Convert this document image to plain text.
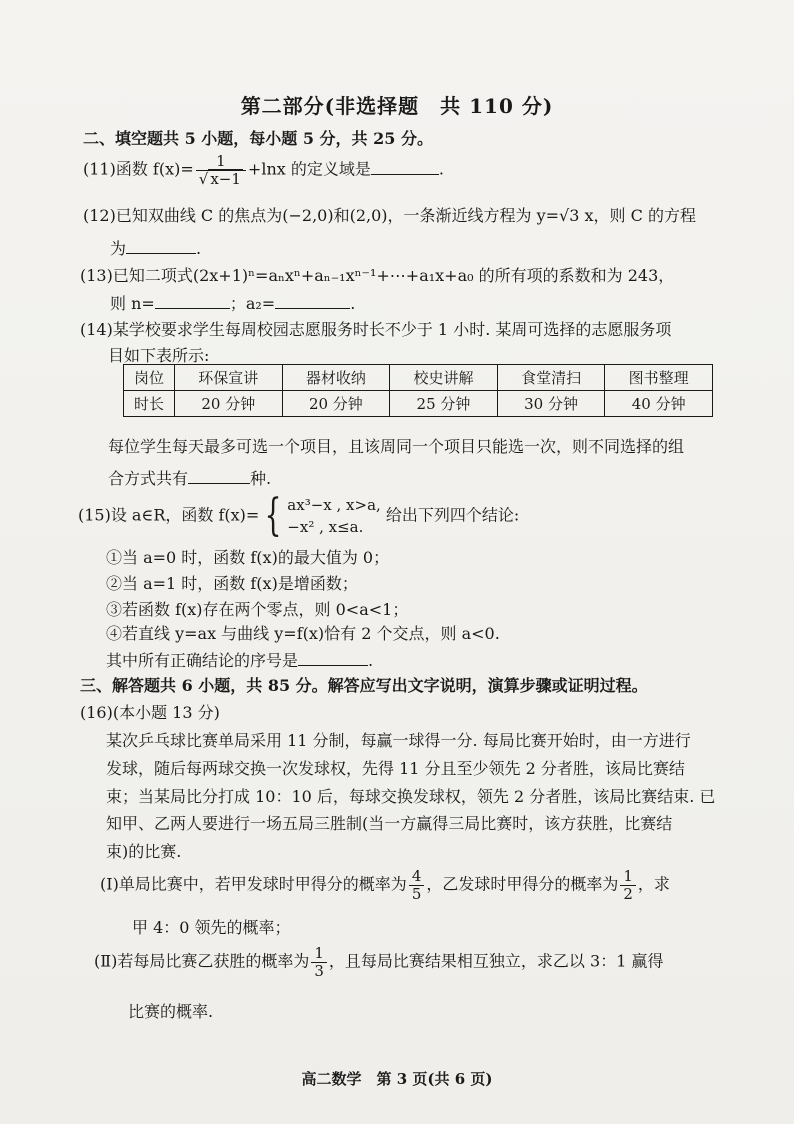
第二部分(非选择题　共 110 分)
二、填空题共 5 小题，每小题 5 分，共 25 分。
(11)函数 $f(x)= \frac{1}{√ x-1} +\ln x$ 的定义域是	.
(12)已知双曲线 C 的焦点为(−2,0)和(2,0)，一条渐近线方程为 y=√3 x，则 C 的方程
为	.
(13)已知二项式(2x+1)ⁿ=aₙxⁿ+aₙ₋₁xⁿ⁻¹+⋯+a₁x+a₀ 的所有项的系数和为 243，
则 n=	；a₂=	.
(14)某学校要求学生每周校园志愿服务时长不少于 1 小时. 某周可选择的志愿服务项
目如下表所示:
岗位	环保宣讲	器材收纳	校史讲解	食堂清扫	图书整理
时长	20 分钟	20 分钟	25 分钟	30 分钟	40 分钟
每位学生每天最多可选一个项目，且该周同一个项目只能选一次，则不同选择的组
合方式共有	种.
(15)设 a∈R，函数 f(x)= { ax³−x , x>a,
−x² , x≤a.
给出下列四个结论:
①当 a=0 时，函数 f(x)的最大值为 0；
②当 a=1 时，函数 f(x)是增函数；
③若函数 f(x)存在两个零点，则 0<a<1；
④若直线 y=ax 与曲线 y=f(x)恰有 2 个交点，则 a<0.
其中所有正确结论的序号是	.
三、解答题共 6 小题，共 85 分。解答应写出文字说明，演算步骤或证明过程。
(16)(本小题 13 分)
某次乒乓球比赛单局采用 11 分制，每赢一球得一分. 每局比赛开始时，由一方进行
发球，随后每两球交换一次发球权，先得 11 分且至少领先 2 分者胜，该局比赛结
束；当某局比分打成 10：10 后，每球交换发球权，领先 2 分者胜，该局比赛结束. 已
知甲、乙两人要进行一场五局三胜制(当一方赢得三局比赛时，该方获胜，比赛结
束)的比赛.
(Ⅰ)单局比赛中，若甲发球时甲得分的概率为 $\frac{4}{5}$ ，乙发球时甲得分的概率为 $\frac{1}{2}$ ，求
甲 4：0 领先的概率；
(Ⅱ)若每局比赛乙获胜的概率为 $\frac{1}{3}$ ，且每局比赛结果相互独立，求乙以 3：1 赢得
比赛的概率.
高二数学　第 3 页(共 6 页)
